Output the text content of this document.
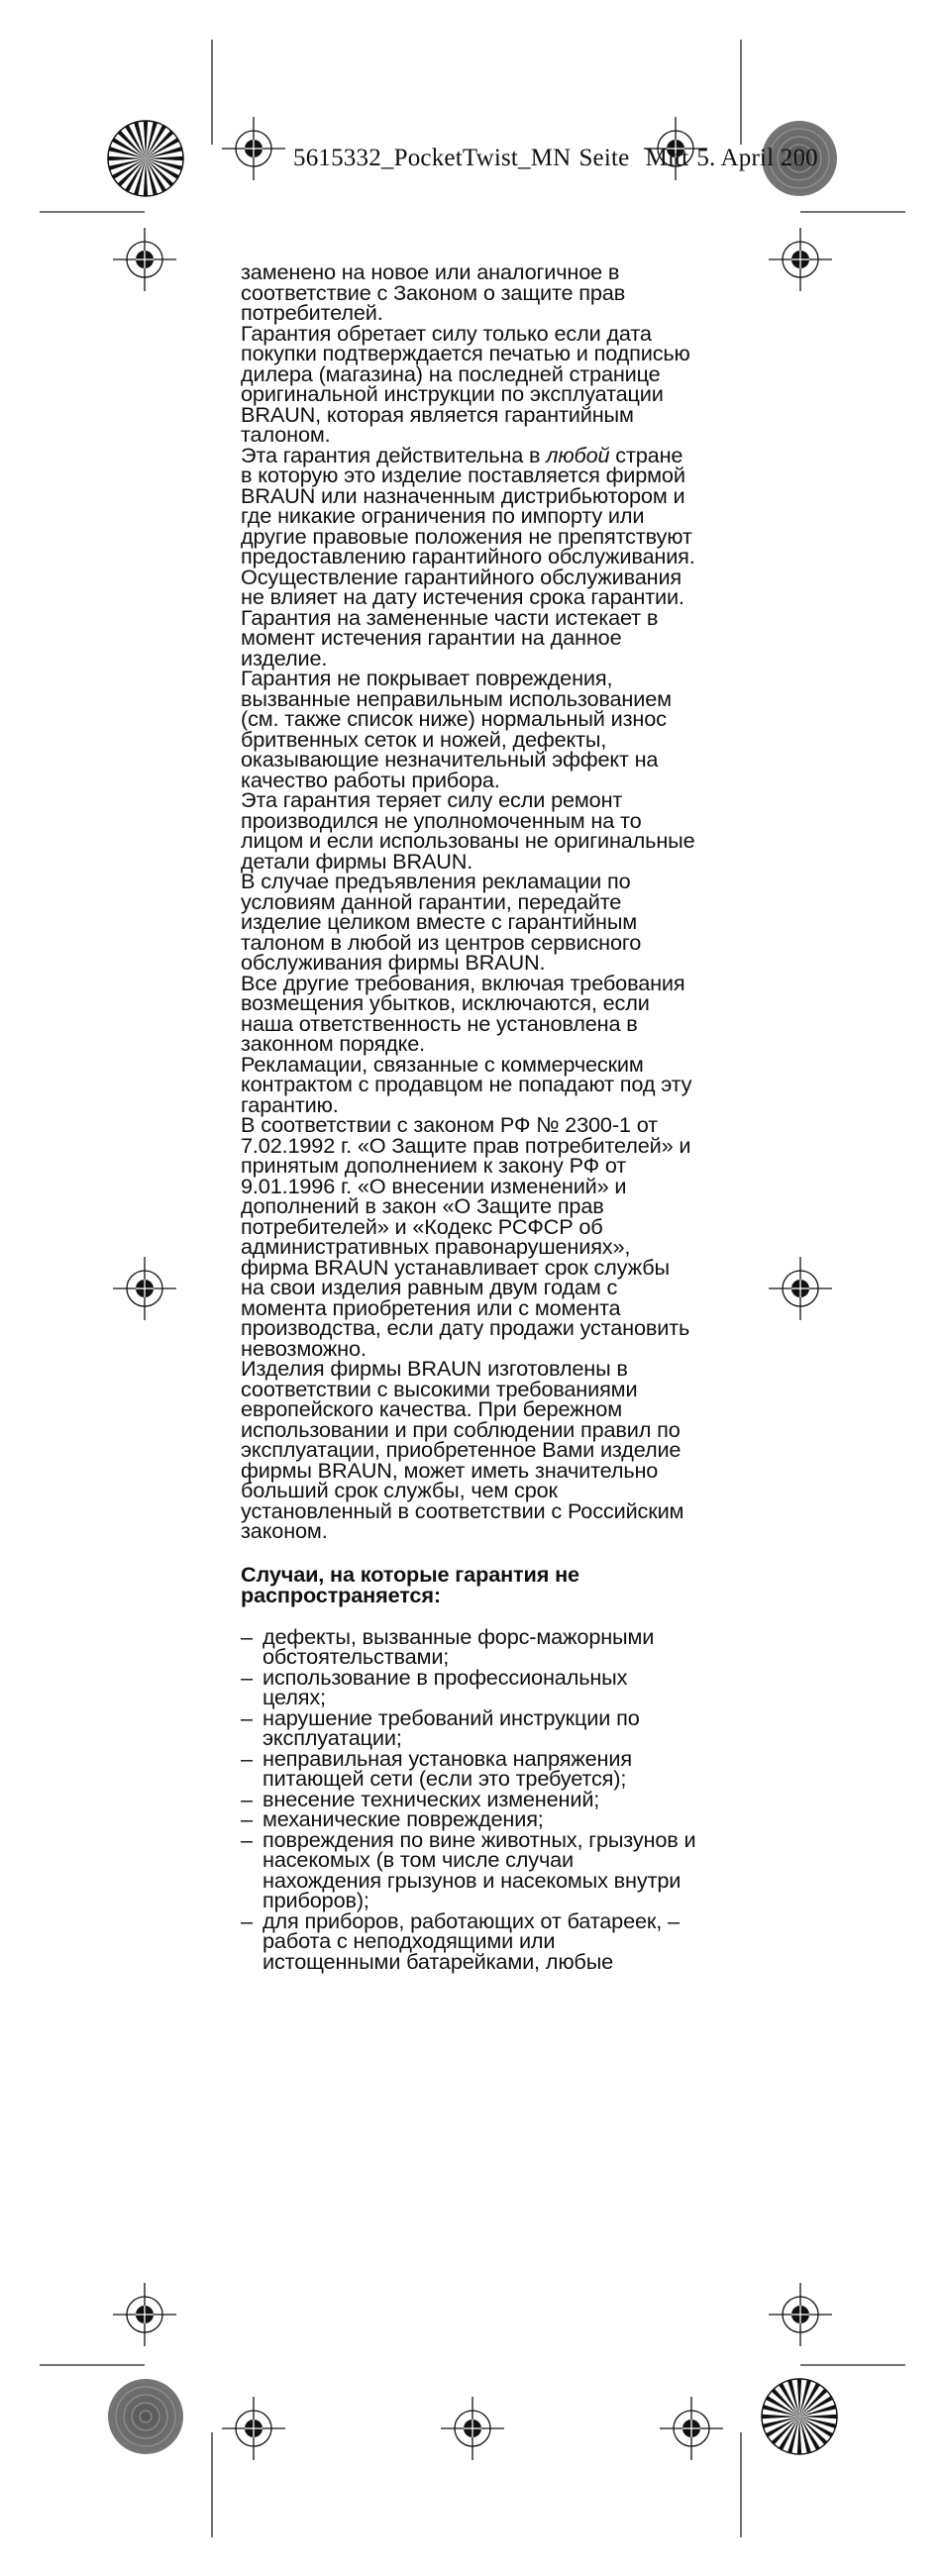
5615332_PocketTwist_MN Seite Mitt 5. April 200

заменено на новое или аналогичное в соответствие с Законом о защите прав потребителей.

Гарантия обретает силу только если дата покупки подтверждается печатью и подписью дилера (магазина) на последней странице оригинальной инструкции по эксплуатации BRAUN, которая является гарантийным талоном.

Эта гарантия действительна в любой стране в которую это изделие поставляется фирмой BRAUN или назначенным дистрибьютором и где никакие ограничения по импорту или другие правовые положения не препятствуют предоставлению гарантийного обслуживания.

Осуществление гарантийного обслуживания не влияет на дату истечения срока гарантии. Гарантия на замененные части истекает в момент истечения гарантии на данное изделие.

Гарантия не покрывает повреждения, вызванные неправильным использованием (см. также список ниже) нормальный износ бритвенных сеток и ножей, дефекты, оказывающие незначительный эффект на качество работы прибора.

Эта гарантия теряет силу если ремонт производился не уполномоченным на то лицом и если использованы не оригинальные детали фирмы BRAUN.

В случае предъявления рекламации по условиям данной гарантии, передайте изделие целиком вместе с гарантийным талоном в любой из центров сервисного обслуживания фирмы BRAUN.

Все другие требования, включая требования возмещения убытков, исключаются, если наша ответственность не установлена в законном порядке.

Рекламации, связанные с коммерческим контрактом с продавцом не попадают под эту гарантию.

В соответствии с законом РФ № 2300-1 от 7.02.1992 г. «О Защите прав потребителей» и принятым дополнением к закону РФ от 9.01.1996 г. «О внесении изменений» и дополнений в закон «О Защите прав потребителей» и «Кодекс РСФСР об административных правонарушениях», фирма BRAUN устанавливает срок службы на свои изделия равным двум годам с момента приобретения или с момента производства, если дату продажи установить невозможно.

Изделия фирмы BRAUN изготовлены в соответствии с высокими требованиями европейского качества. При бережном использовании и при соблюдении правил по эксплуатации, приобретенное Вами изделие фирмы BRAUN, может иметь значительно больший срок службы, чем срок установленный в соответствии с Российским законом.

Случаи, на которые гарантия не распространяется:
– дефекты, вызванные форс-мажорными обстоятельствами;
– использование в профессиональных целях;
– нарушение требований инструкции по эксплуатации;
– неправильная установка напряжения питающей сети (если это требуется);
– внесение технических изменений;
– механические повреждения;
– повреждения по вине животных, грызунов и насекомых (в том числе случаи нахождения грызунов и насекомых внутри приборов);
– для приборов, работающих от батареек, – работа с неподходящими или истощенными батарейками, любые
